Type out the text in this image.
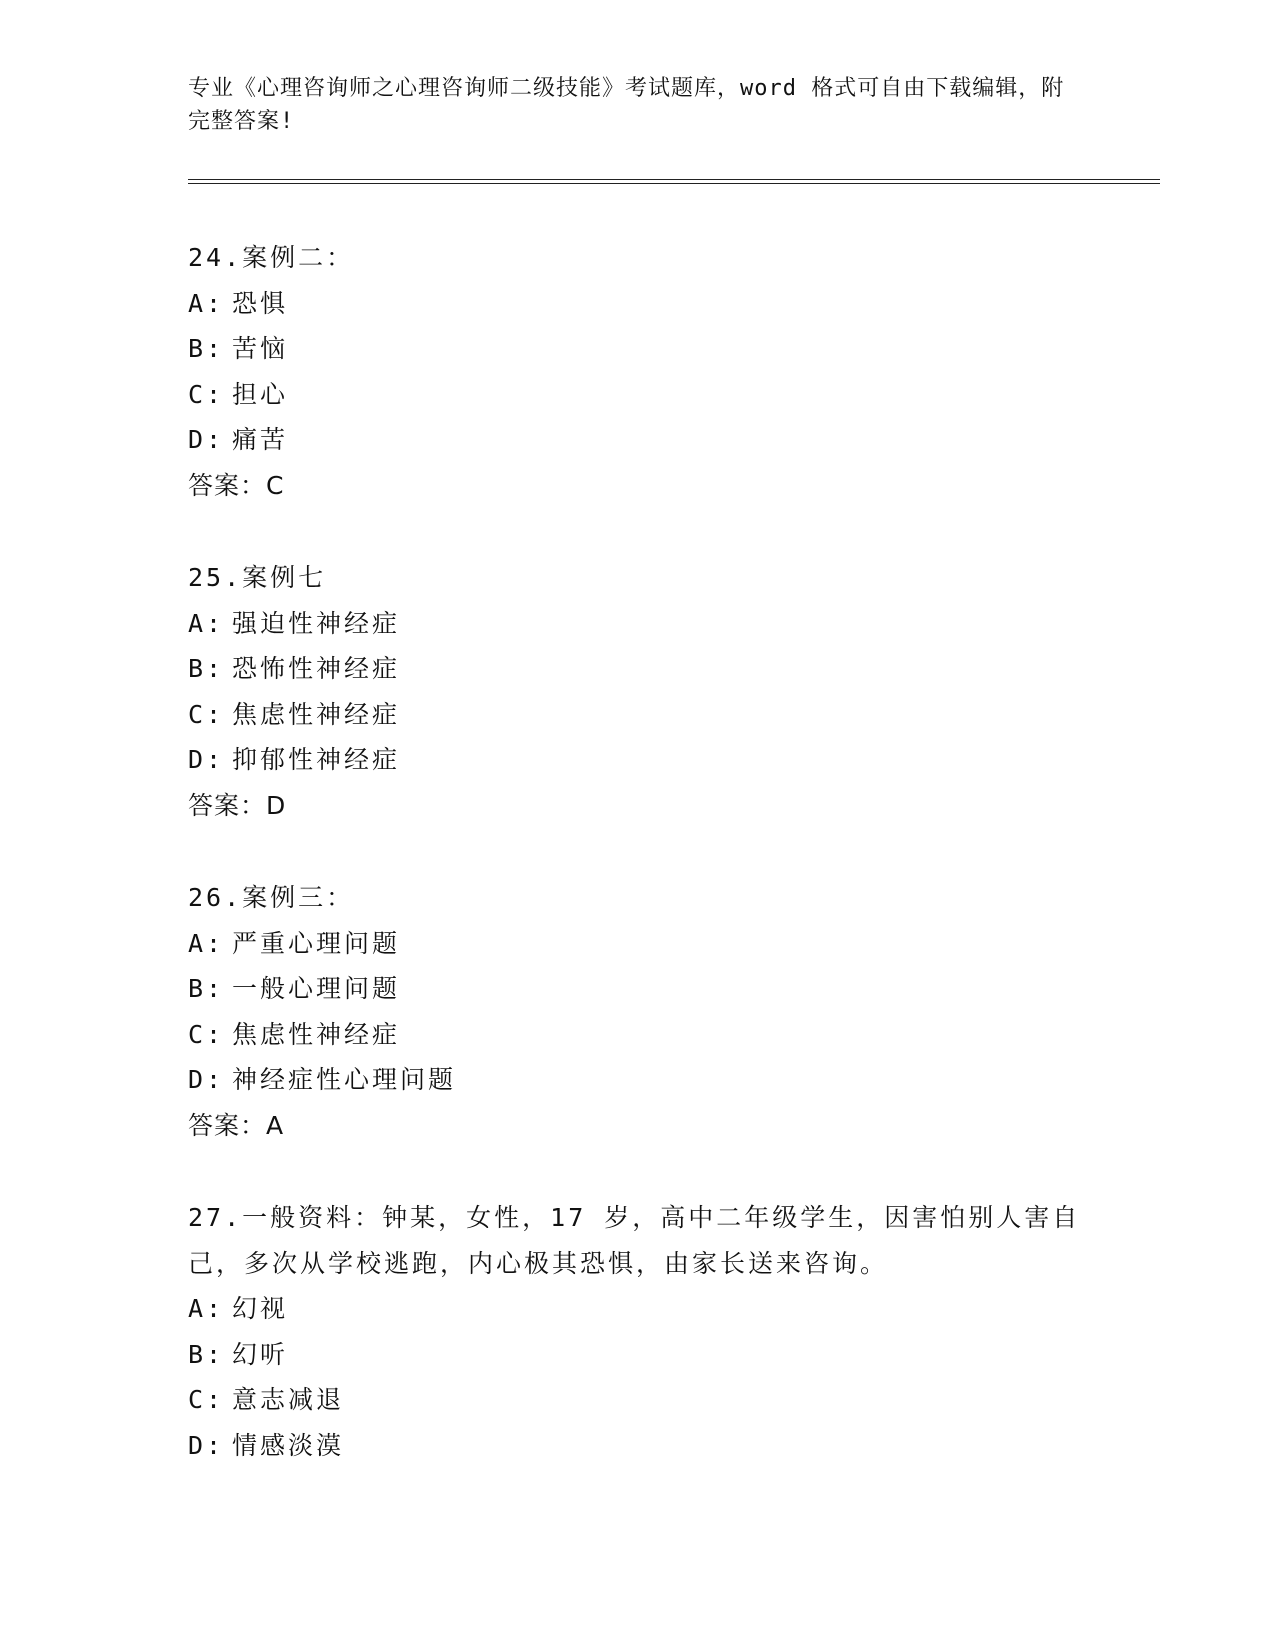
专业《心理咨询师之心理咨询师二级技能》考试题库，word 格式可自由下载编辑，附完整答案!
24.案例二：
A: 恐惧
B: 苦恼
C: 担心
D: 痛苦
答案：C
25.案例七
A: 强迫性神经症
B: 恐怖性神经症
C: 焦虑性神经症
D: 抑郁性神经症
答案：D
26.案例三：
A: 严重心理问题
B: 一般心理问题
C: 焦虑性神经症
D: 神经症性心理问题
答案：A
27.一般资料：钟某，女性，17 岁，高中二年级学生，因害怕别人害自己，多次从学校逃跑，内心极其恐惧，由家长送来咨询。
A: 幻视
B: 幻听
C: 意志减退
D: 情感淡漠
